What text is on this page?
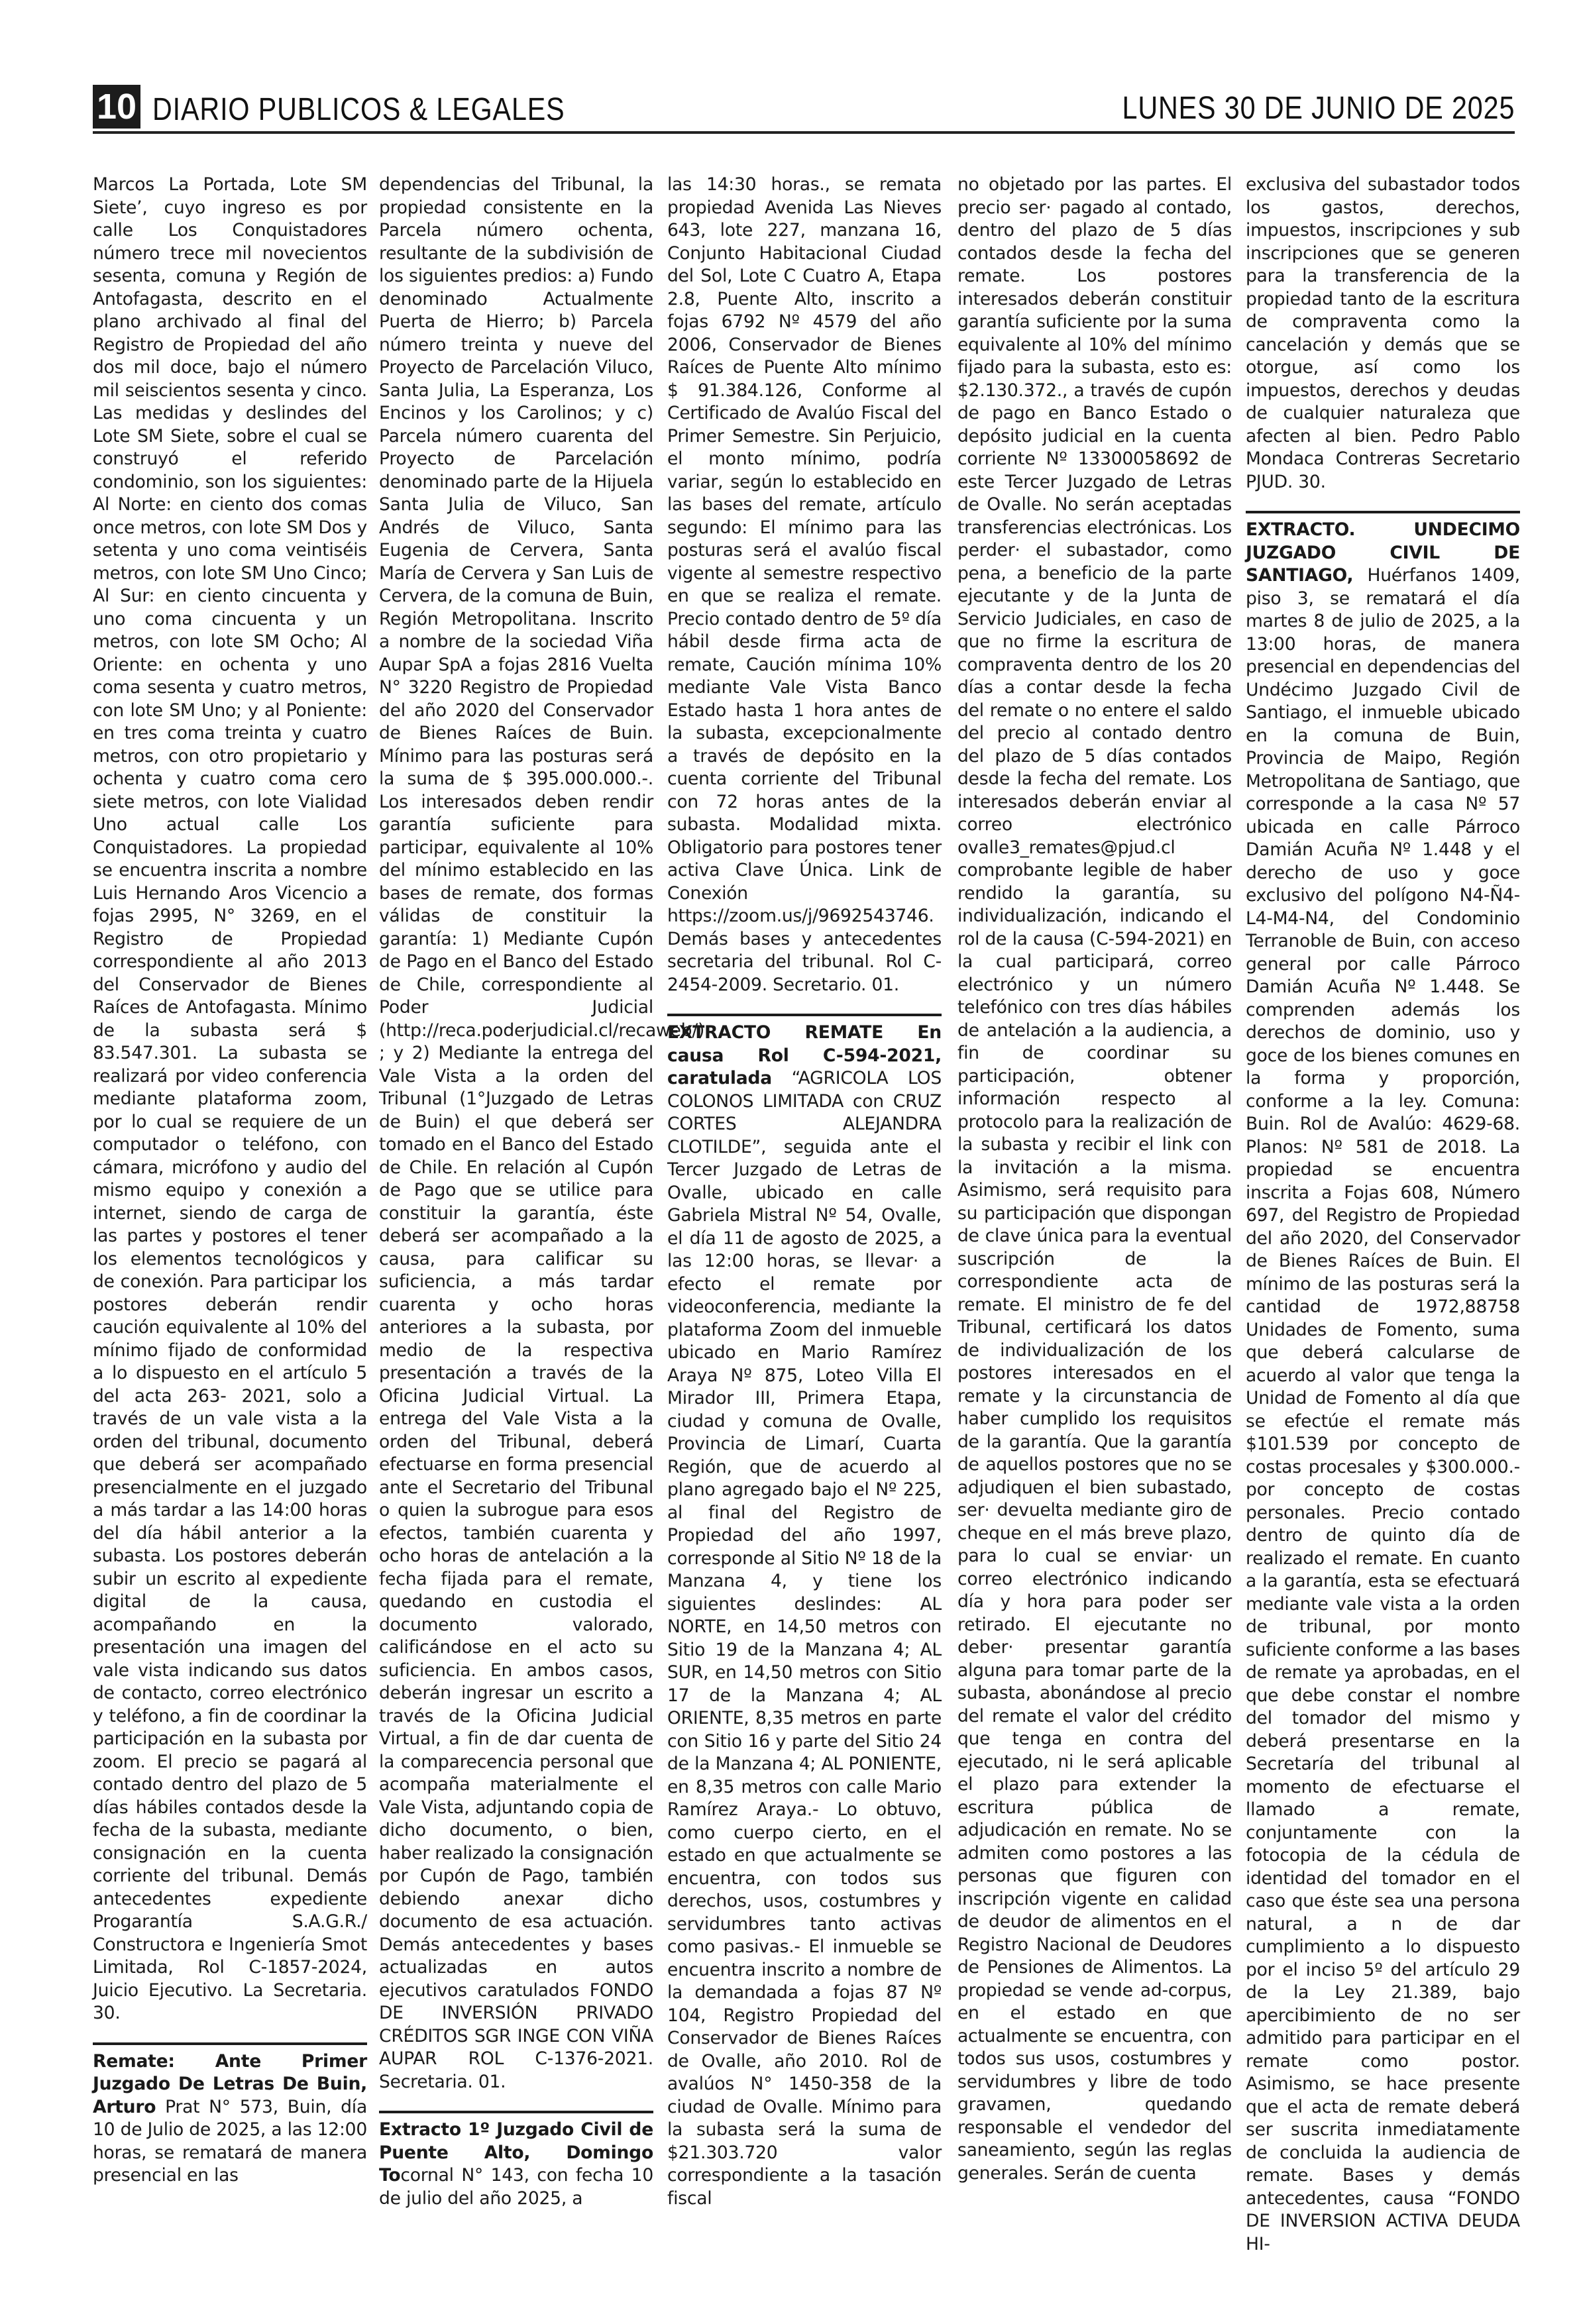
10 DIARIO PUBLICOS & LEGALES	LUNES 30 DE JUNIO DE 2025

Marcos La Portada, Lote SM Siete’, cuyo ingreso es por calle Los Conquistadores número trece mil novecientos sesenta, comuna y Región de Antofagasta, descrito en el plano archivado al final del Registro de Propiedad del año dos mil doce, bajo el número mil seiscientos sesenta y cinco. Las medidas y deslindes del Lote SM Siete, sobre el cual se construyó el referido condominio, son los siguientes: Al Norte: en ciento dos comas once metros, con lote SM Dos y setenta y uno coma veintiséis metros, con lote SM Uno Cinco; Al Sur: en ciento cincuenta y uno coma cincuenta y un metros, con lote SM Ocho; Al Oriente: en ochenta y uno coma sesenta y cuatro metros, con lote SM Uno; y al Poniente: en tres coma treinta y cuatro metros, con otro propietario y ochenta y cuatro coma cero siete metros, con lote Vialidad Uno actual calle Los Conquistadores. La propiedad se encuentra inscrita a nombre Luis Hernando Aros Vicencio a fojas 2995, N° 3269, en el Registro de Propiedad correspondiente al año 2013 del Conservador de Bienes Raíces de Antofagasta. Mínimo de la subasta será $ 83.547.301. La subasta se realizará por video conferencia mediante plataforma zoom, por lo cual se requiere de un computador o teléfono, con cámara, micrófono y audio del mismo equipo y conexión a internet, siendo de carga de las partes y postores el tener los elementos tecnológicos y de conexión. Para participar los postores deberán rendir caución equivalente al 10% del mínimo fijado de conformidad a lo dispuesto en el artículo 5 del acta 263- 2021, solo a través de un vale vista a la orden del tribunal, documento que deberá ser acompañado presencialmente en el juzgado a más tardar a las 14:00 horas del día hábil anterior a la subasta. Los postores deberán subir un escrito al expediente digital de la causa, acompañando en la presentación una imagen del vale vista indicando sus datos de contacto, correo electrónico y teléfono, a fin de coordinar la participación en la subasta por zoom. El precio se pagará al contado dentro del plazo de 5 días hábiles contados desde la fecha de la subasta, mediante consignación en la cuenta corriente del tribunal. Demás antecedentes expediente Progarantía S.A.G.R./ Constructora e Ingeniería Smot Limitada, Rol C-1857-2024, Juicio Ejecutivo. La Secretaria. 30.

Remate: Ante Primer Juzgado De Letras De Buin, Arturo Prat N° 573, Buin, día 10 de Julio de 2025, a las 12:00 horas, se rematará de manera presencial en las

dependencias del Tribunal, la propiedad consistente en la Parcela número ochenta, resultante de la subdivisión de los siguientes predios: a) Fundo denominado Actualmente Puerta de Hierro; b) Parcela número treinta y nueve del Proyecto de Parcelación Viluco, Santa Julia, La Esperanza, Los Encinos y los Carolinos; y c) Parcela número cuarenta del Proyecto de Parcelación denominado parte de la Hijuela Santa Julia de Viluco, San Andrés de Viluco, Santa Eugenia de Cervera, Santa María de Cervera y San Luis de Cervera, de la comuna de Buin, Región Metropolitana. Inscrito a nombre de la sociedad Viña Aupar SpA a fojas 2816 Vuelta N° 3220 Registro de Propiedad del año 2020 del Conservador de Bienes Raíces de Buin. Mínimo para las posturas será la suma de $ 395.000.000.-. Los interesados deben rendir garantía suficiente para participar, equivalente al 10% del mínimo establecido en las bases de remate, dos formas válidas de constituir la garantía: 1) Mediante Cupón de Pago en el Banco del Estado de Chile, correspondiente al Poder Judicial (http://reca.poderjudicial.cl/recaweb/) ; y 2) Mediante la entrega del Vale Vista a la orden del Tribunal (1°Juzgado de Letras de Buin) el que deberá ser tomado en el Banco del Estado de Chile. En relación al Cupón de Pago que se utilice para constituir la garantía, éste deberá ser acompañado a la causa, para calificar su suficiencia, a más tardar cuarenta y ocho horas anteriores a la subasta, por medio de la respectiva presentación a través de la Oficina Judicial Virtual. La entrega del Vale Vista a la orden del Tribunal, deberá efectuarse en forma presencial ante el Secretario del Tribunal o quien la subrogue para esos efectos, también cuarenta y ocho horas de antelación a la fecha fijada para el remate, quedando en custodia el documento valorado, calificándose en el acto su suficiencia. En ambos casos, deberán ingresar un escrito a través de la Oficina Judicial Virtual, a fin de dar cuenta de la comparecencia personal que acompaña materialmente el Vale Vista, adjuntando copia de dicho documento, o bien, haber realizado la consignación por Cupón de Pago, también debiendo anexar dicho documento de esa actuación. Demás antecedentes y bases actualizadas en autos ejecutivos caratulados FONDO DE INVERSIÓN PRIVADO CRÉDITOS SGR INGE CON VIÑA AUPAR ROL C-1376-2021. Secretaria. 01.

Extracto 1º Juzgado Civil de Puente Alto, Domingo Tocornal N° 143, con fecha 10 de julio del año 2025, a

las 14:30 horas., se remata propiedad Avenida Las Nieves 643, lote 227, manzana 16, Conjunto Habitacional Ciudad del Sol, Lote C Cuatro A, Etapa 2.8, Puente Alto, inscrito a fojas 6792 Nº 4579 del año 2006, Conservador de Bienes Raíces de Puente Alto mínimo $ 91.384.126, Conforme al Certificado de Avalúo Fiscal del Primer Semestre. Sin Perjuicio, el monto mínimo, podría variar, según lo establecido en las bases del remate, artículo segundo: El mínimo para las posturas será el avalúo fiscal vigente al semestre respectivo en que se realiza el remate. Precio contado dentro de 5º día hábil desde firma acta de remate, Caución mínima 10% mediante Vale Vista Banco Estado hasta 1 hora antes de la subasta, excepcionalmente a través de depósito en la cuenta corriente del Tribunal con 72 horas antes de la subasta. Modalidad mixta. Obligatorio para postores tener activa Clave Única. Link de Conexión https://zoom.us/j/9692543746. Demás bases y antecedentes secretaria del tribunal. Rol C-2454-2009. Secretario. 01.

EXTRACTO REMATE En causa Rol C-594-2021, caratulada “AGRICOLA LOS COLONOS LIMITADA con CRUZ CORTES ALEJANDRA CLOTILDE”, seguida ante el Tercer Juzgado de Letras de Ovalle, ubicado en calle Gabriela Mistral Nº 54, Ovalle, el día 11 de agosto de 2025, a las 12:00 horas, se llevar· a efecto el remate por videoconferencia, mediante la plataforma Zoom del inmueble ubicado en Mario Ramírez Araya Nº 875, Loteo Villa El Mirador III, Primera Etapa, ciudad y comuna de Ovalle, Provincia de Limarí, Cuarta Región, que de acuerdo al plano agregado bajo el Nº 225, al final del Registro de Propiedad del año 1997, corresponde al Sitio Nº 18 de la Manzana 4, y tiene los siguientes deslindes: AL NORTE, en 14,50 metros con Sitio 19 de la Manzana 4; AL SUR, en 14,50 metros con Sitio 17 de la Manzana 4; AL ORIENTE, 8,35 metros en parte con Sitio 16 y parte del Sitio 24 de la Manzana 4; AL PONIENTE, en 8,35 metros con calle Mario Ramírez Araya.- Lo obtuvo, como cuerpo cierto, en el estado en que actualmente se encuentra, con todos sus derechos, usos, costumbres y servidumbres tanto activas como pasivas.- El inmueble se encuentra inscrito a nombre de la demandada a fojas 87 Nº 104, Registro Propiedad del Conservador de Bienes Raíces de Ovalle, año 2010. Rol de avalúos N° 1450-358 de la ciudad de Ovalle. Mínimo para la subasta será la suma de $21.303.720 valor correspondiente a la tasación fiscal

no objetado por las partes. El precio ser· pagado al contado, dentro del plazo de 5 días contados desde la fecha del remate. Los postores interesados deberán constituir garantía suficiente por la suma equivalente al 10% del mínimo fijado para la subasta, esto es: $2.130.372., a través de cupón de pago en Banco Estado o depósito judicial en la cuenta corriente Nº 13300058692 de este Tercer Juzgado de Letras de Ovalle. No serán aceptadas transferencias electrónicas. Los perder· el subastador, como pena, a beneficio de la parte ejecutante y de la Junta de Servicio Judiciales, en caso de que no firme la escritura de compraventa dentro de los 20 días a contar desde la fecha del remate o no entere el saldo del precio al contado dentro del plazo de 5 días contados desde la fecha del remate. Los interesados deberán enviar al correo electrónico ovalle3_remates@pjud.cl comprobante legible de haber rendido la garantía, su individualización, indicando el rol de la causa (C-594-2021) en la cual participará, correo electrónico y un número telefónico con tres días hábiles de antelación a la audiencia, a fin de coordinar su participación, obtener información respecto al protocolo para la realización de la subasta y recibir el link con la invitación a la misma. Asimismo, será requisito para su participación que dispongan de clave única para la eventual suscripción de la correspondiente acta de remate. El ministro de fe del Tribunal, certificará los datos de individualización de los postores interesados en el remate y la circunstancia de haber cumplido los requisitos de la garantía. Que la garantía de aquellos postores que no se adjudiquen el bien subastado, ser· devuelta mediante giro de cheque en el más breve plazo, para lo cual se enviar· un correo electrónico indicando día y hora para poder ser retirado. El ejecutante no deber· presentar garantía alguna para tomar parte de la subasta, abonándose al precio del remate el valor del crédito que tenga en contra del ejecutado, ni le será aplicable el plazo para extender la escritura pública de adjudicación en remate. No se admiten como postores a las personas que figuren con inscripción vigente en calidad de deudor de alimentos en el Registro Nacional de Deudores de Pensiones de Alimentos. La propiedad se vende ad-corpus, en el estado en que actualmente se encuentra, con todos sus usos, costumbres y servidumbres y libre de todo gravamen, quedando responsable el vendedor del saneamiento, según las reglas generales. Serán de cuenta

exclusiva del subastador todos los gastos, derechos, impuestos, inscripciones y sub inscripciones que se generen para la transferencia de la propiedad tanto de la escritura de compraventa como la cancelación y demás que se otorgue, así como los impuestos, derechos y deudas de cualquier naturaleza que afecten al bien. Pedro Pablo Mondaca Contreras Secretario PJUD. 30.

EXTRACTO. UNDECIMO JUZGADO CIVIL DE SANTIAGO, Huérfanos 1409, piso 3, se rematará el día martes 8 de julio de 2025, a la 13:00 horas, de manera presencial en dependencias del Undécimo Juzgado Civil de Santiago, el inmueble ubicado en la comuna de Buin, Provincia de Maipo, Región Metropolitana de Santiago, que corresponde a la casa Nº 57 ubicada en calle Párroco Damián Acuña Nº 1.448 y el derecho de uso y goce exclusivo del polígono N4-Ñ4-L4-M4-N4, del Condominio Terranoble de Buin, con acceso general por calle Párroco Damián Acuña Nº 1.448. Se comprenden además los derechos de dominio, uso y goce de los bienes comunes en la forma y proporción, conforme a la ley. Comuna: Buin. Rol de Avalúo: 4629-68. Planos: Nº 581 de 2018. La propiedad se encuentra inscrita a Fojas 608, Número 697, del Registro de Propiedad del año 2020, del Conservador de Bienes Raíces de Buin. El mínimo de las posturas será la cantidad de 1972,88758 Unidades de Fomento, suma que deberá calcularse de acuerdo al valor que tenga la Unidad de Fomento al día que se efectúe el remate más $101.539 por concepto de costas procesales y $300.000.- por concepto de costas personales. Precio contado dentro de quinto día de realizado el remate. En cuanto a la garantía, esta se efectuará mediante vale vista a la orden de tribunal, por monto suficiente conforme a las bases de remate ya aprobadas, en el que debe constar el nombre del tomador del mismo y deberá presentarse en la Secretaría del tribunal al momento de efectuarse el llamado a remate, conjuntamente con la fotocopia de la cédula de identidad del tomador en el caso que éste sea una persona natural, a n de dar cumplimiento a lo dispuesto por el inciso 5º del artículo 29 de la Ley 21.389, bajo apercibimiento de no ser admitido para participar en el remate como postor. Asimismo, se hace presente que el acta de remate deberá ser suscrita inmediatamente de concluida la audiencia de remate. Bases y demás antecedentes, causa “FONDO DE INVERSION ACTIVA DEUDA HI-
